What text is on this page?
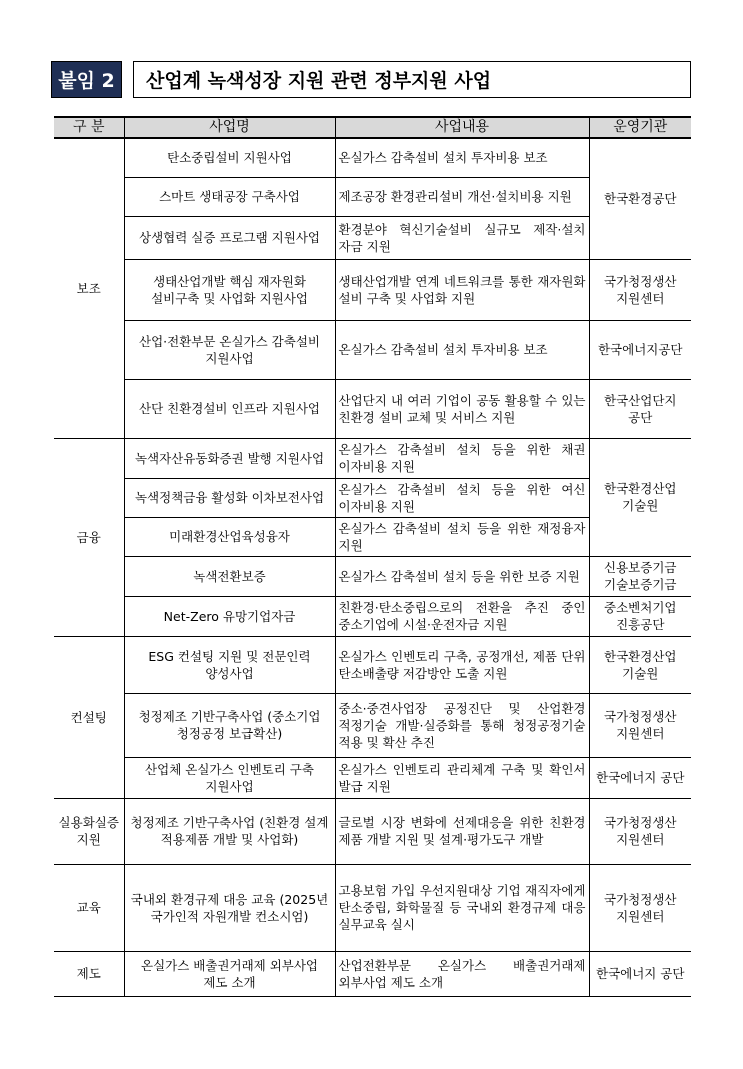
붙임 2	산업계 녹색성장 지원 관련 정부지원 사업
구 분	사업명	사업내용	운영기관
보조	탄소중립설비 지원사업	온실가스 감축설비 설치 투자비용 보조	한국환경공단
	스마트 생태공장 구축사업	제조공장 환경관리설비 개선·설치비용 지원	
	상생협력 실증 프로그램 지원사업	환경분야 혁신기술설비 실규모 제작·설치 자금 지원	
	생태산업개발 핵심 재자원화 설비구축 및 사업화 지원사업	생태산업개발 연계 네트워크를 통한 재자원화 설비 구축 및 사업화 지원	국가청정생산 지원센터
	산업·전환부문 온실가스 감축설비 지원사업	온실가스 감축설비 설치 투자비용 보조	한국에너지공단
	산단 친환경설비 인프라 지원사업	산업단지 내 여러 기업이 공동 활용할 수 있는 친환경 설비 교체 및 서비스 지원	한국산업단지 공단
금융	녹색자산유동화증권 발행 지원사업	온실가스 감축설비 설치 등을 위한 채권 이자비용 지원	한국환경산업 기술원
	녹색정책금융 활성화 이차보전사업	온실가스 감축설비 설치 등을 위한 여신 이자비용 지원	
	미래환경산업육성융자	온실가스 감축설비 설치 등을 위한 재정융자 지원	
	녹색전환보증	온실가스 감축설비 설치 등을 위한 보증 지원	신용보증기금 기술보증기금
	Net-Zero 유망기업자금	친환경·탄소중립으로의 전환을 추진 중인 중소기업에 시설·운전자금 지원	중소벤처기업 진흥공단
컨설팅	ESG 컨설팅 지원 및 전문인력 양성사업	온실가스 인벤토리 구축, 공정개선, 제품 단위 탄소배출량 저감방안 도출 지원	한국환경산업 기술원
	청정제조 기반구축사업 (중소기업 청정공정 보급확산)	중소·중견사업장 공정진단 및 산업환경 적정기술 개발·실증화를 통해 청정공정기술 적용 및 확산 추진	국가청정생산 지원센터
	산업체 온실가스 인벤토리 구축 지원사업	온실가스 인벤토리 관리체계 구축 및 확인서 발급 지원	한국에너지 공단
실용화실증 지원	청정제조 기반구축사업 (친환경 설계 적용제품 개발 및 사업화)	글로벌 시장 변화에 선제대응을 위한 친환경 제품 개발 지원 및 설계·평가도구 개발	국가청정생산 지원센터
교육	국내외 환경규제 대응 교육 (2025년 국가인적 자원개발 컨소시엄)	고용보험 가입 우선지원대상 기업 재직자에게 탄소중립, 화학물질 등 국내외 환경규제 대응 실무교육 실시	국가청정생산 지원센터
제도	온실가스 배출권거래제 외부사업 제도 소개	산업전환부문 온실가스 배출권거래제 외부사업 제도 소개	한국에너지 공단
